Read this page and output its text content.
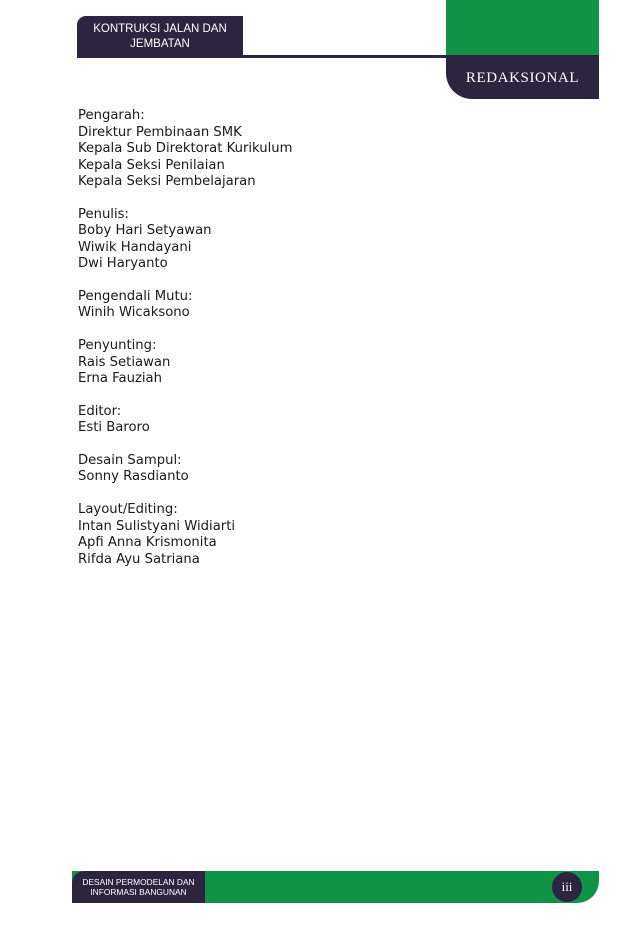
KONTRUKSI JALAN DAN
JEMBATAN
REDAKSIONAL
Pengarah:
Direktur Pembinaan SMK
Kepala Sub Direktorat Kurikulum
Kepala Seksi Penilaian
Kepala Seksi Pembelajaran
Penulis:
Boby Hari Setyawan
Wiwik Handayani
Dwi Haryanto
Pengendali Mutu:
Winih Wicaksono
Penyunting:
Rais Setiawan
Erna Fauziah
Editor:
Esti Baroro
Desain Sampul:
Sonny Rasdianto
Layout/Editing:
Intan Sulistyani Widiarti
Apfi Anna Krismonita
Rifda Ayu Satriana
DESAIN PERMODELAN DAN
INFORMASI BANGUNAN	iii
